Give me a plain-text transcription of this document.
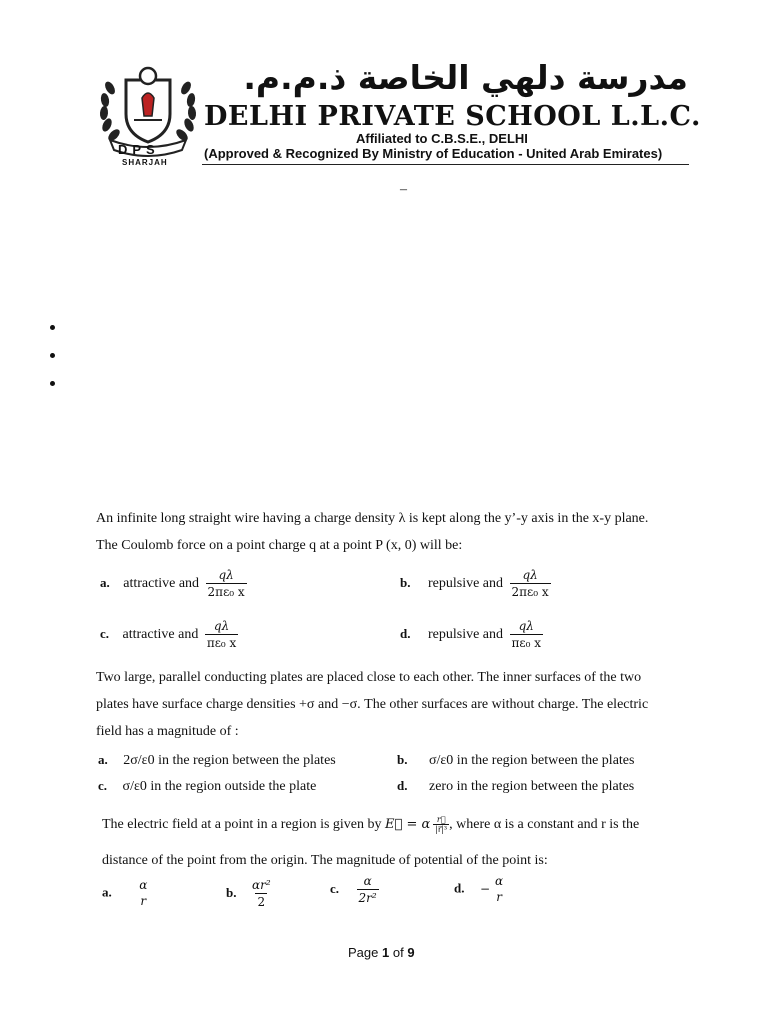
DPS
SHARJAH
مدرسة دلهي الخاصة ذ.م.م.
DELHI PRIVATE SCHOOL L.L.C.
Affiliated to C.B.S.E., DELHI
(Approved & Recognized By Ministry of Education - United Arab Emirates)
–
An infinite long straight wire having a charge density λ is kept along the y’-y axis in the x-y plane.
The Coulomb force on a point charge q at a point P (x, 0) will be:
a. attractive and $\frac{q\lambda}{\text{2πε₀ x}}$	b. repulsive and $\frac{q\lambda}{\text{2πε₀ x}}$
c. attractive and $\frac{q\lambda}{\text{πε₀ x}}$	d. repulsive and $\frac{q\lambda}{\text{πε₀ x}}$
Two large, parallel conducting plates are placed close to each other. The inner surfaces of the two
plates have surface charge densities +σ and −σ. The other surfaces are without charge. The electric
field has a magnitude of :
a. 2σ/ε0 in the region between the plates	b. σ/ε0 in the region between the plates
c. σ/ε0 in the region outside the plate	d. zero in the region between the plates
The electric field at a point in a region is given by E⃗ = α $\frac{r⃗}{\text{|r⃗|³}}$ , where α is a constant and r is the
distance of the point from the origin. The magnitude of potential of the point is:
a. α
r
b. $\frac{\text{αr²}}{2}$	c. $\frac{\alpha}{\text{2r²}}$	d. −
α
r
Page 1 of 9
